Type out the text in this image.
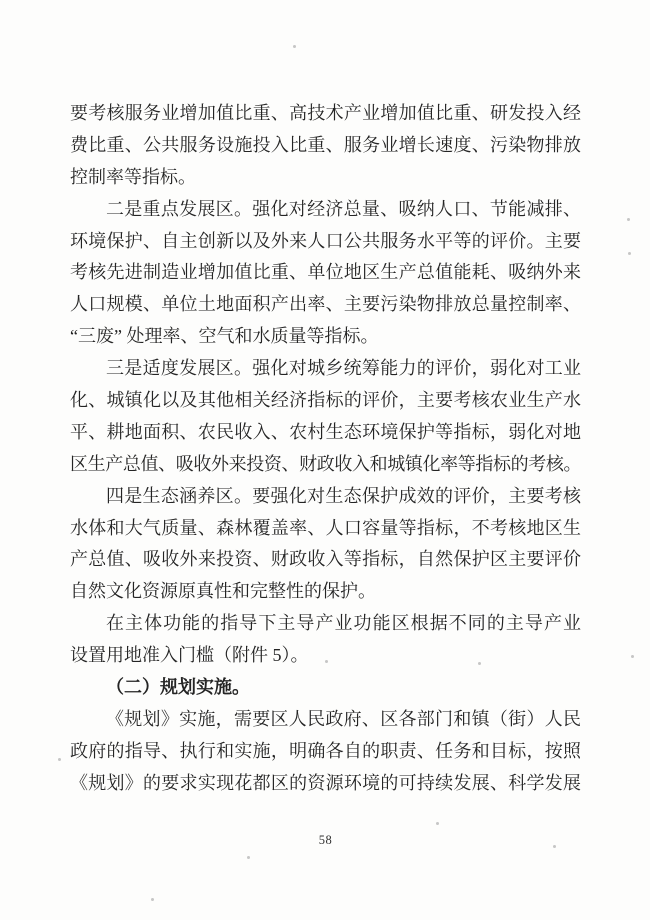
要考核服务业增加值比重、高技术产业增加值比重、研发投入经
费比重、公共服务设施投入比重、服务业增长速度、污染物排放
控制率等指标。
二是重点发展区。强化对经济总量、吸纳人口、节能减排、
环境保护、自主创新以及外来人口公共服务水平等的评价。主要
考核先进制造业增加值比重、单位地区生产总值能耗、吸纳外来
人口规模、单位土地面积产出率、主要污染物排放总量控制率、
“三废” 处理率、空气和水质量等指标。
三是适度发展区。强化对城乡统筹能力的评价，弱化对工业
化、城镇化以及其他相关经济指标的评价，主要考核农业生产水
平、耕地面积、农民收入、农村生态环境保护等指标，弱化对地
区生产总值、吸收外来投资、财政收入和城镇化率等指标的考核。
四是生态涵养区。要强化对生态保护成效的评价，主要考核
水体和大气质量、森林覆盖率、人口容量等指标，不考核地区生
产总值、吸收外来投资、财政收入等指标，自然保护区主要评价
自然文化资源原真性和完整性的保护。
在主体功能的指导下主导产业功能区根据不同的主导产业
设置用地准入门槛（附件 5）。
（二）规划实施。
《规划》实施，需要区人民政府、区各部门和镇（街）人民
政府的指导、执行和实施，明确各自的职责、任务和目标，按照
《规划》的要求实现花都区的资源环境的可持续发展、科学发展
58
